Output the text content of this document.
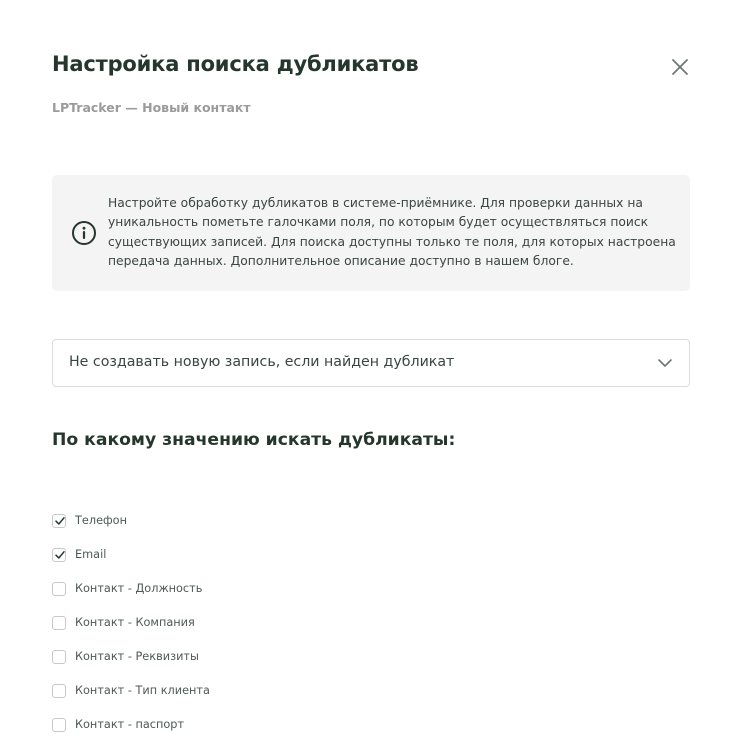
Настройка поиска дубликатов
LPTracker — Новый контакт
Настройте обработку дубликатов в системе-приёмнике. Для проверки данных на уникальность пометьте галочками поля, по которым будет осуществляться поиск существующих записей. Для поиска доступны только те поля, для которых настроена передача данных. Дополнительное описание доступно в нашем блоге.
Не создавать новую запись, если найден дубликат
По какому значению искать дубликаты:
Телефон
Email
Контакт - Должность
Контакт - Компания
Контакт - Реквизиты
Контакт - Тип клиента
Контакт - паспорт
